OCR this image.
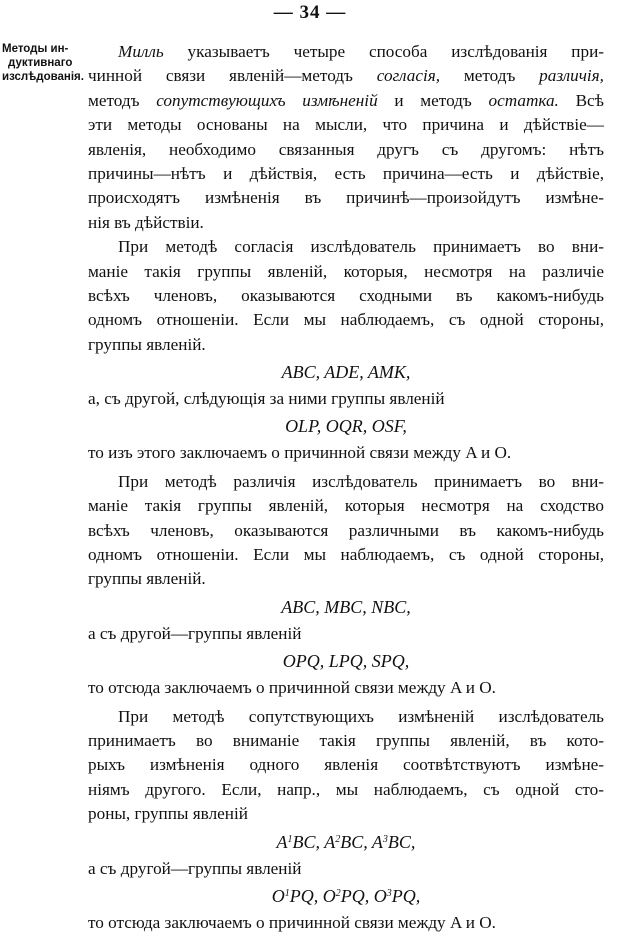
— 34 —
Методы ин-
дуктивнаго
изслѣдованія.
Милль указываетъ четыре способа изслѣдованія при-
чинной связи явленій—методъ согласія, методъ различія,
методъ сопутствующихъ измѣненій и методъ остатка. Всѣ
эти методы основаны на мысли, что причина и дѣйствіе—
явленія, необходимо связанныя другъ съ другомъ: нѣтъ
причины—нѣтъ и дѣйствія, есть причина—есть и дѣйствіе,
происходятъ измѣненія въ причинѣ—произойдутъ измѣне-
нія въ дѣйствіи.
При методѣ согласія изслѣдователь принимаетъ во вни-
маніе такія группы явленій, которыя, несмотря на различіе
всѣхъ членовъ, оказываются сходными въ какомъ-нибудь
одномъ отношеніи. Если мы наблюдаемъ, съ одной стороны,
группы явленій.
ABC, ADE, AMK,
а, съ другой, слѣдующія за ними группы явленій
OLP, OQR, OSF,
то изъ этого заключаемъ о причинной связи между A и O.
При методѣ различія изслѣдователь принимаетъ во вни-
маніе такія группы явленій, которыя несмотря на сходство
всѣхъ членовъ, оказываются различными въ какомъ-нибудь
одномъ отношеніи. Если мы наблюдаемъ, съ одной стороны,
группы явленій.
ABC, MBC, NBC,
а съ другой—группы явленій
OPQ, LPQ, SPQ,
то отсюда заключаемъ о причинной связи между A и O.
При методѣ сопутствующихъ измѣненій изслѣдователь
принимаетъ во вниманіе такія группы явленій, въ кото-
рыхъ измѣненія одного явленія соотвѣтствуютъ измѣне-
ніямъ другого. Если, напр., мы наблюдаемъ, съ одной сто-
роны, группы явленій
$A^1BC$, $A^2BC$, $A^3BC$,
а съ другой—группы явленій
$O^1PQ$, $O^2PQ$, $O^3PQ$,
то отсюда заключаемъ о причинной связи между A и O.
